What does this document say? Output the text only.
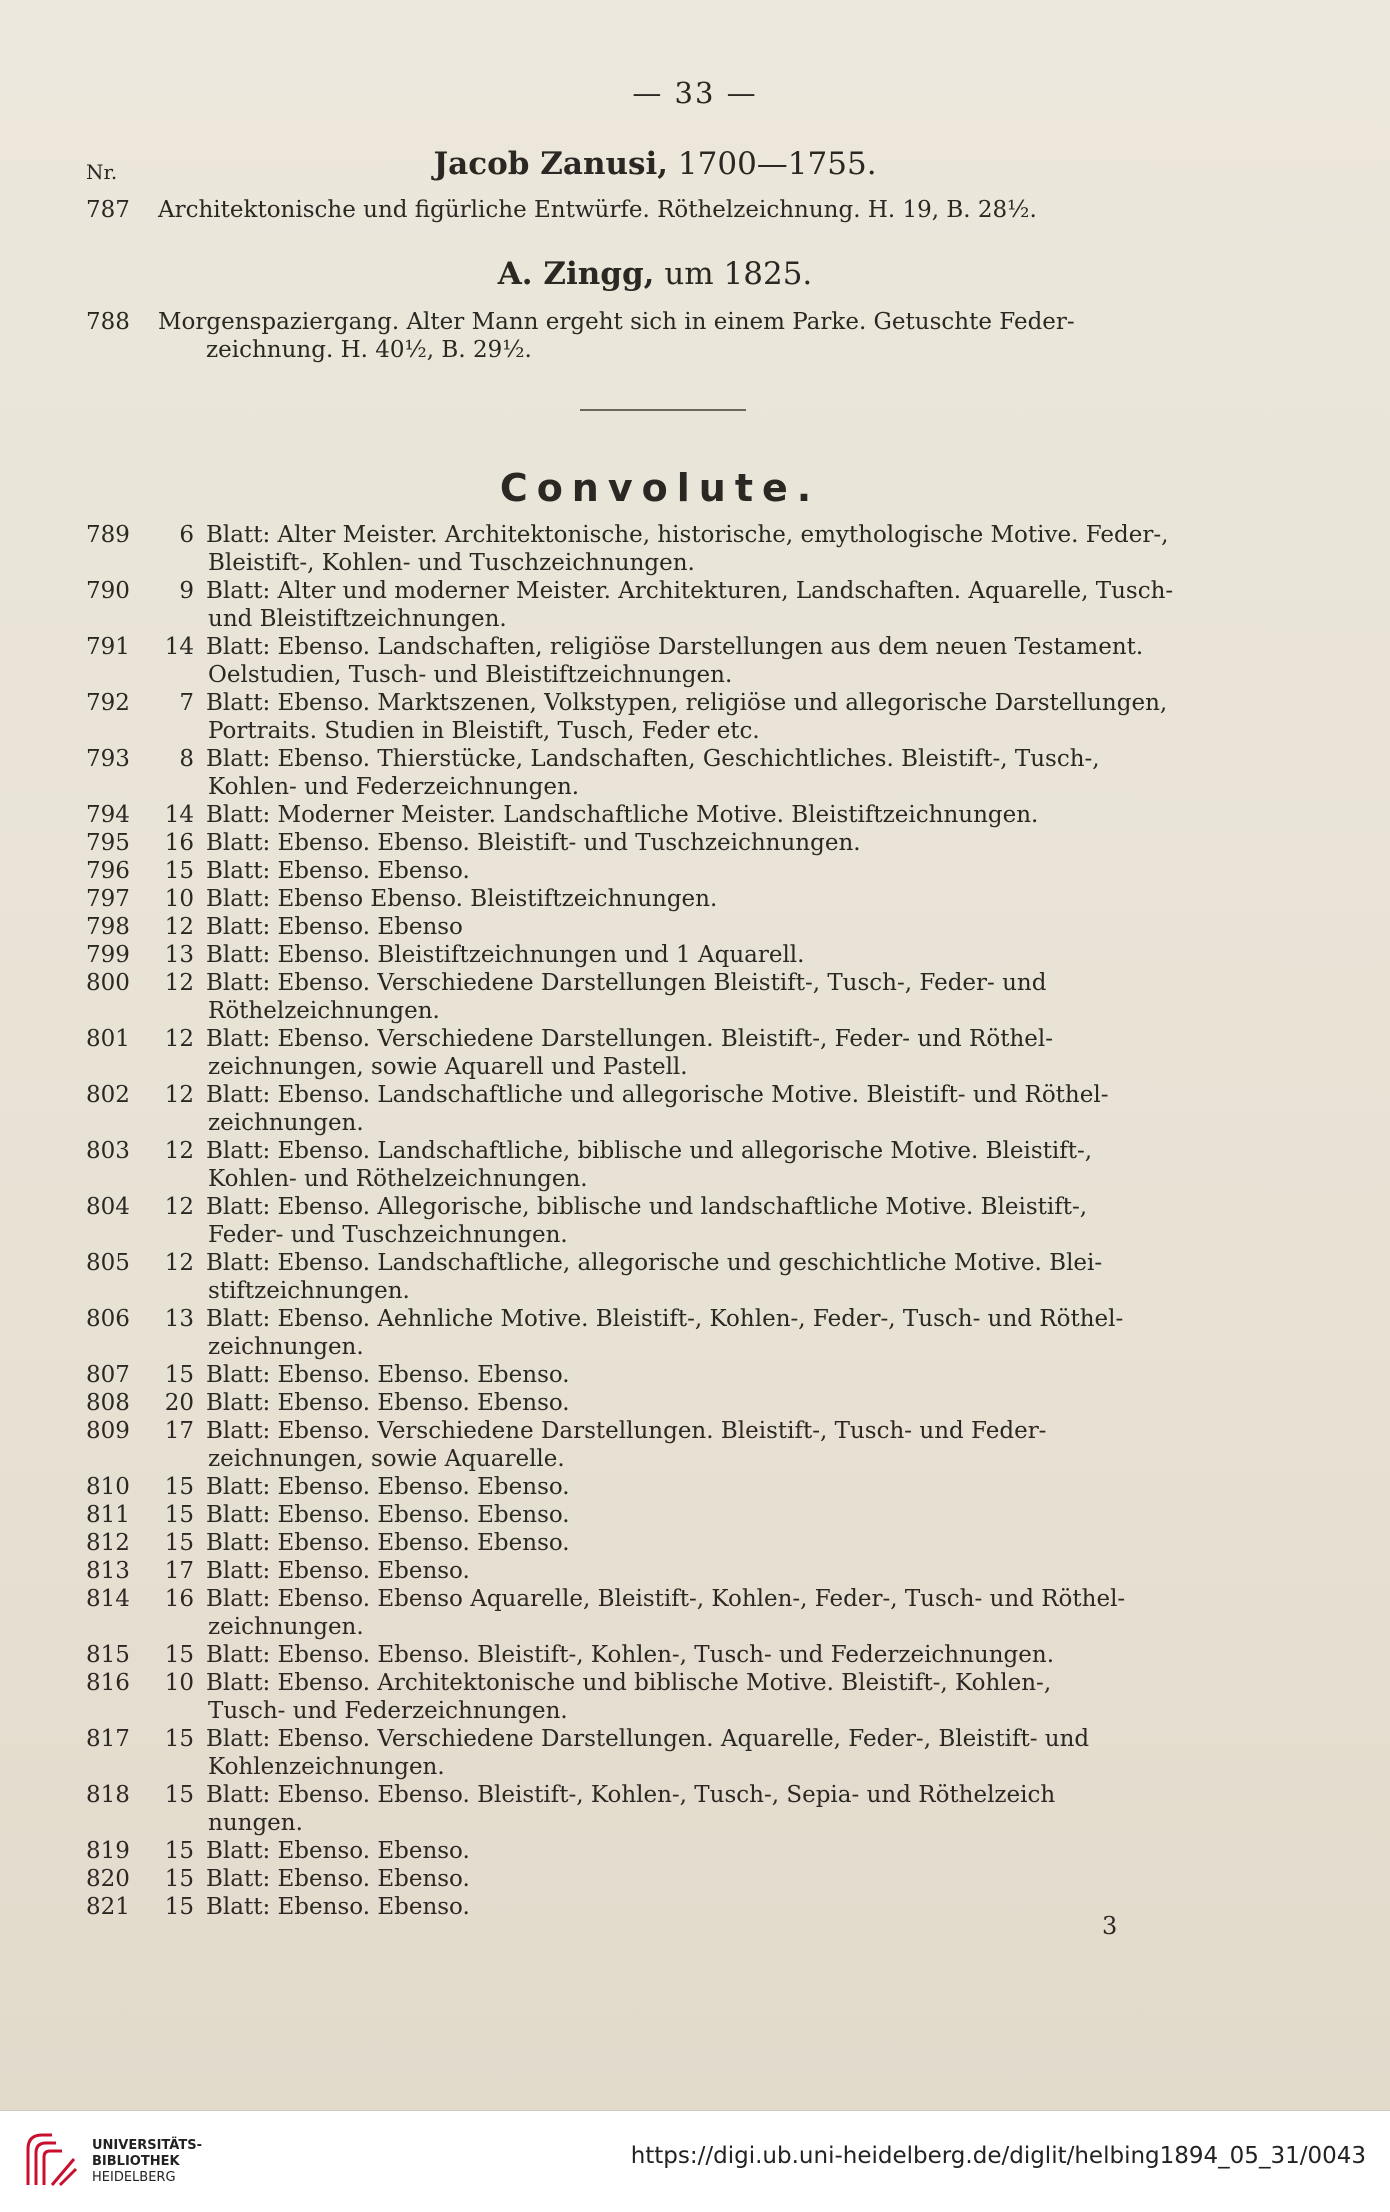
— 33 —
Nr.	Jacob Zanusi, 1700—1755.
787 Architektonische und figürliche Entwürfe. Röthelzeichnung. H. 19, B. 28½.
A. Zingg, um 1825.
788 Morgenspaziergang. Alter Mann ergeht sich in einem Parke. Getuschte Feder-
zeichnung. H. 40½, B. 29½.
Convolute.
789	6 Blatt: Alter Meister. Architektonische, historische, emythologische Motive. Feder-,
Bleistift-, Kohlen- und Tuschzeichnungen.
790	9 Blatt: Alter und moderner Meister. Architekturen, Landschaften. Aquarelle, Tusch-
und Bleistiftzeichnungen.
791	14 Blatt: Ebenso. Landschaften, religiöse Darstellungen aus dem neuen Testament.
Oelstudien, Tusch- und Bleistiftzeichnungen.
792	7 Blatt: Ebenso. Marktszenen, Volkstypen, religiöse und allegorische Darstellungen,
Portraits. Studien in Bleistift, Tusch, Feder etc.
793	8 Blatt: Ebenso. Thierstücke, Landschaften, Geschichtliches. Bleistift-, Tusch-,
Kohlen- und Federzeichnungen.
794	14 Blatt: Moderner Meister. Landschaftliche Motive. Bleistiftzeichnungen.
795	16 Blatt: Ebenso. Ebenso. Bleistift- und Tuschzeichnungen.
796	15 Blatt: Ebenso. Ebenso.
797	10 Blatt: Ebenso Ebenso. Bleistiftzeichnungen.
798	12 Blatt: Ebenso. Ebenso
799	13 Blatt: Ebenso. Bleistiftzeichnungen und 1 Aquarell.
800	12 Blatt: Ebenso. Verschiedene Darstellungen Bleistift-, Tusch-, Feder- und
Röthelzeichnungen.
801	12 Blatt: Ebenso. Verschiedene Darstellungen. Bleistift-, Feder- und Röthel-
zeichnungen, sowie Aquarell und Pastell.
802	12 Blatt: Ebenso. Landschaftliche und allegorische Motive. Bleistift- und Röthel-
zeichnungen.
803	12 Blatt: Ebenso. Landschaftliche, biblische und allegorische Motive. Bleistift-,
Kohlen- und Röthelzeichnungen.
804	12 Blatt: Ebenso. Allegorische, biblische und landschaftliche Motive. Bleistift-,
Feder- und Tuschzeichnungen.
805	12 Blatt: Ebenso. Landschaftliche, allegorische und geschichtliche Motive. Blei-
stiftzeichnungen.
806	13 Blatt: Ebenso. Aehnliche Motive. Bleistift-, Kohlen-, Feder-, Tusch- und Röthel-
zeichnungen.
807	15 Blatt: Ebenso. Ebenso. Ebenso.
808	20 Blatt: Ebenso. Ebenso. Ebenso.
809	17 Blatt: Ebenso. Verschiedene Darstellungen. Bleistift-, Tusch- und Feder-
zeichnungen, sowie Aquarelle.
810	15 Blatt: Ebenso. Ebenso. Ebenso.
811	15 Blatt: Ebenso. Ebenso. Ebenso.
812	15 Blatt: Ebenso. Ebenso. Ebenso.
813	17 Blatt: Ebenso. Ebenso.
814	16 Blatt: Ebenso. Ebenso Aquarelle, Bleistift-, Kohlen-, Feder-, Tusch- und Röthel-
zeichnungen.
815	15 Blatt: Ebenso. Ebenso. Bleistift-, Kohlen-, Tusch- und Federzeichnungen.
816	10 Blatt: Ebenso. Architektonische und biblische Motive. Bleistift-, Kohlen-,
Tusch- und Federzeichnungen.
817	15 Blatt: Ebenso. Verschiedene Darstellungen. Aquarelle, Feder-, Bleistift- und
Kohlenzeichnungen.
818	15 Blatt: Ebenso. Ebenso. Bleistift-, Kohlen-, Tusch-, Sepia- und Röthelzeich
nungen.
819	15 Blatt: Ebenso. Ebenso.
820	15 Blatt: Ebenso. Ebenso.
821	15 Blatt: Ebenso. Ebenso.
3
UNIVERSITÄTS-
BIBLIOTHEK
HEIDELBERG
https://digi.ub.uni-heidelberg.de/diglit/helbing1894_05_31/0043
